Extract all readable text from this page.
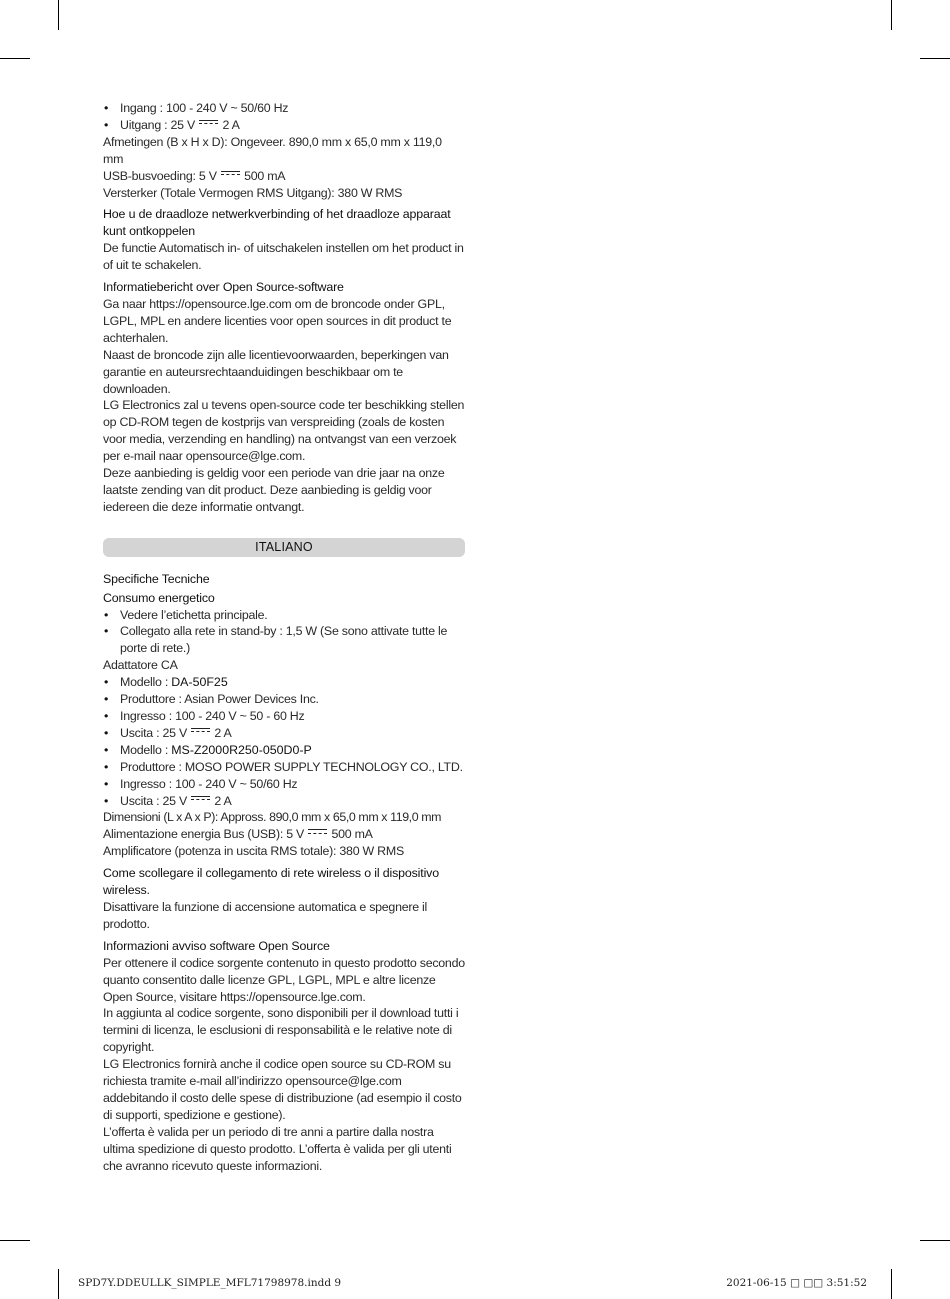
• Ingang : 100 - 240 V ~ 50/60 Hz
• Uitgang : 25 V 2 A

Afmetingen (B x H x D): Ongeveer. 890,0 mm x 65,0 mm x 119,0 mm

USB-busvoeding: 5 V 500 mA

Versterker (Totale Vermogen RMS Uitgang): 380 W RMS

Hoe u de draadloze netwerkverbinding of het draadloze apparaat kunt ontkoppelen

De functie Automatisch in- of uitschakelen instellen om het product in of uit te schakelen.

Informatiebericht over Open Source-software

Ga naar https://opensource.lge.com om de broncode onder GPL, LGPL, MPL en andere licenties voor open sources in dit product te achterhalen.

Naast de broncode zijn alle licentievoorwaarden, beperkingen van garantie en auteursrechtaanduidingen beschikbaar om te downloaden.

LG Electronics zal u tevens open-source code ter beschikking stellen op CD-ROM tegen de kostprijs van verspreiding (zoals de kosten voor media, verzending en handling) na ontvangst van een verzoek per e-mail naar opensource@lge.com.

Deze aanbieding is geldig voor een periode van drie jaar na onze laatste zending van dit product. Deze aanbieding is geldig voor iedereen die deze informatie ontvangt.

ITALIANO

Specifiche Tecniche

Consumo energetico

• Vedere l’etichetta principale.
• Collegato alla rete in stand-by : 1,5 W (Se sono attivate tutte le porte di rete.)

Adattatore CA

• Modello : DA-50F25
• Produttore : Asian Power Devices Inc.
• Ingresso : 100 - 240 V ~ 50 - 60 Hz
• Uscita : 25 V 2 A
• Modello : MS-Z2000R250-050D0-P
• Produttore : MOSO POWER SUPPLY TECHNOLOGY CO., LTD.
• Ingresso : 100 - 240 V ~ 50/60 Hz
• Uscita : 25 V 2 A

Dimensioni (L x A x P): Appross. 890,0 mm x 65,0 mm x 119,0 mm

Alimentazione energia Bus (USB): 5 V 500 mA

Amplificatore (potenza in uscita RMS totale): 380 W RMS

Come scollegare il collegamento di rete wireless o il dispositivo wireless.

Disattivare la funzione di accensione automatica e spegnere il prodotto.

Informazioni avviso software Open Source

Per ottenere il codice sorgente contenuto in questo prodotto secondo quanto consentito dalle licenze GPL, LGPL, MPL e altre licenze Open Source, visitare https://opensource.lge.com.

In aggiunta al codice sorgente, sono disponibili per il download tutti i termini di licenza, le esclusioni di responsabilità e le relative note di copyright.

LG Electronics fornirà anche il codice open source su CD-ROM su richiesta tramite e-mail all’indirizzo opensource@lge.com addebitando il costo delle spese di distribuzione (ad esempio il costo di supporti, spedizione e gestione).

L’offerta è valida per un periodo di tre anni a partire dalla nostra ultima spedizione di questo prodotto. L’offerta è valida per gli utenti che avranno ricevuto queste informazioni.

SPD7Y.DDEULLK_SIMPLE_MFL71798978.indd 9	2021-06-15 □ □□ 3:51:52
